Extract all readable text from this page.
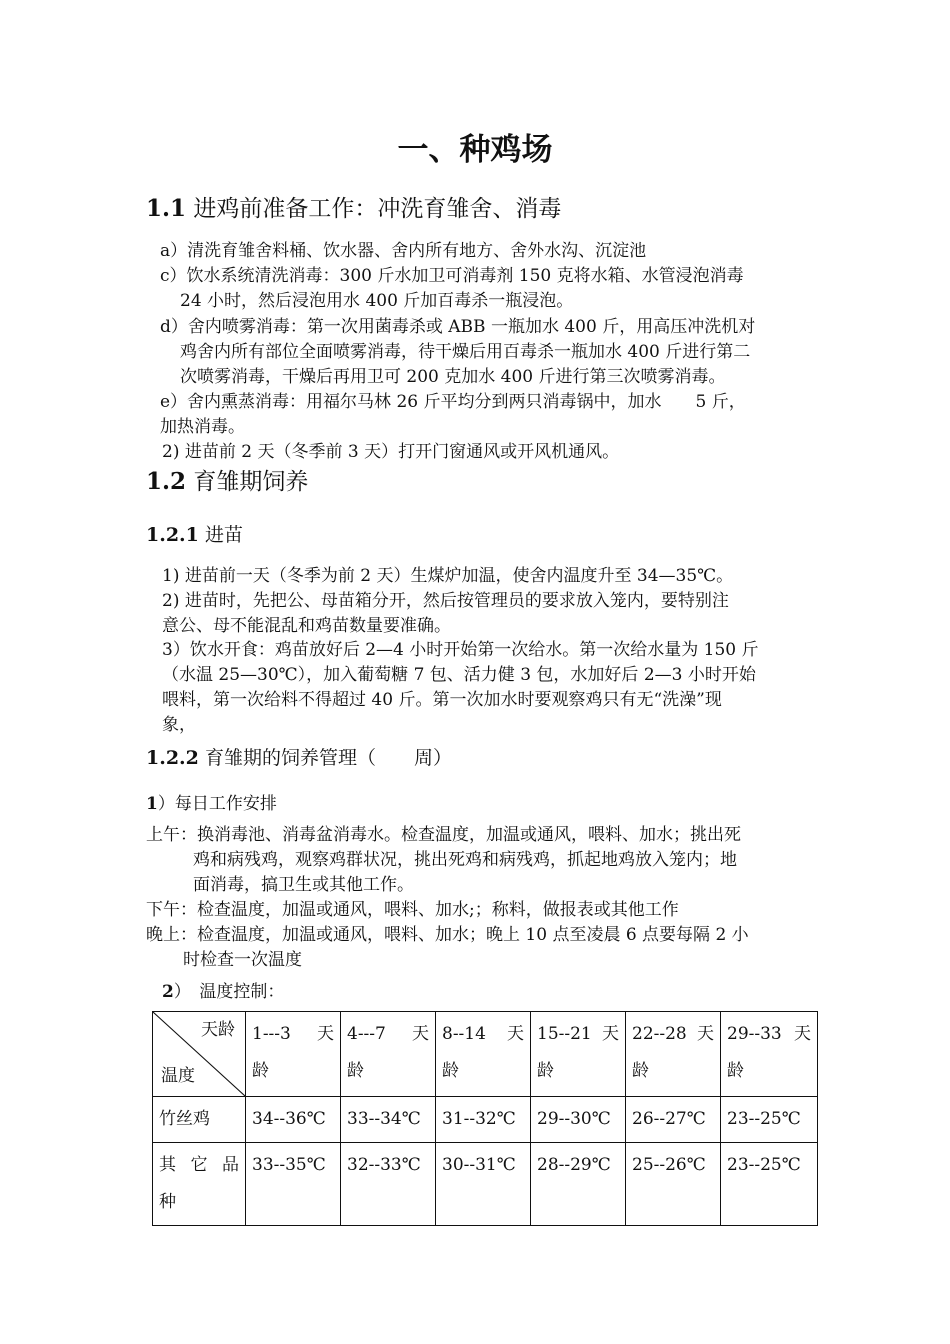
一、种鸡场
1.1 进鸡前准备工作：冲洗育雏舍、消毒
a）清洗育雏舍料桶、饮水器、舍内所有地方、舍外水沟、沉淀池
c）饮水系统清洗消毒：300 斤水加卫可消毒剂 150 克将水箱、水管浸泡消毒
24 小时，然后浸泡用水 400 斤加百毒杀一瓶浸泡。
d）舍内喷雾消毒：第一次用菌毒杀或 ABB 一瓶加水 400 斤，用高压冲洗机对
鸡舍内所有部位全面喷雾消毒，待干燥后用百毒杀一瓶加水 400 斤进行第二
次喷雾消毒，干燥后再用卫可 200 克加水 400 斤进行第三次喷雾消毒。
e）舍内熏蒸消毒：用福尔马林 26 斤平均分到两只消毒锅中，加水　　5 斤，
加热消毒。
2) 进苗前 2 天（冬季前 3 天）打开门窗通风或开风机通风。
1.2 育雏期饲养
1.2.1 进苗
1) 进苗前一天（冬季为前 2 天）生煤炉加温，使舍内温度升至 34—35℃。
2) 进苗时，先把公、母苗箱分开，然后按管理员的要求放入笼内，要特别注
意公、母不能混乱和鸡苗数量要准确。
3）饮水开食：鸡苗放好后 2—4 小时开始第一次给水。第一次给水量为 150 斤
（水温 25—30℃），加入葡萄糖 7 包、活力健 3 包，水加好后 2—3 小时开始
喂料，第一次给料不得超过 40 斤。第一次加水时要观察鸡只有无“洗澡”现
象，
1.2.2 育雏期的饲养管理（　　周）
1）每日工作安排
上午：换消毒池、消毒盆消毒水。检查温度，加温或通风，喂料、加水；挑出死
鸡和病残鸡，观察鸡群状况，挑出死鸡和病残鸡，抓起地鸡放入笼内；地
面消毒，搞卫生或其他工作。
下午：检查温度，加温或通风，喂料、加水;；称料，做报表或其他工作
晚上：检查温度，加温或通风，喂料、加水；晚上 10 点至凌晨 6 点要每隔 2 小
时检查一次温度
2）　温度控制：
天龄
温度	1---3　天龄	4---7　天龄	8--14　天龄	15--21 天龄	22--28 天龄	29--33 天龄
竹丝鸡	34--36℃	33--34℃	31--32℃	29--30℃	26--27℃	23--25℃
其 它 品 种	33--35℃	32--33℃	30--31℃	28--29℃	25--26℃	23--25℃
